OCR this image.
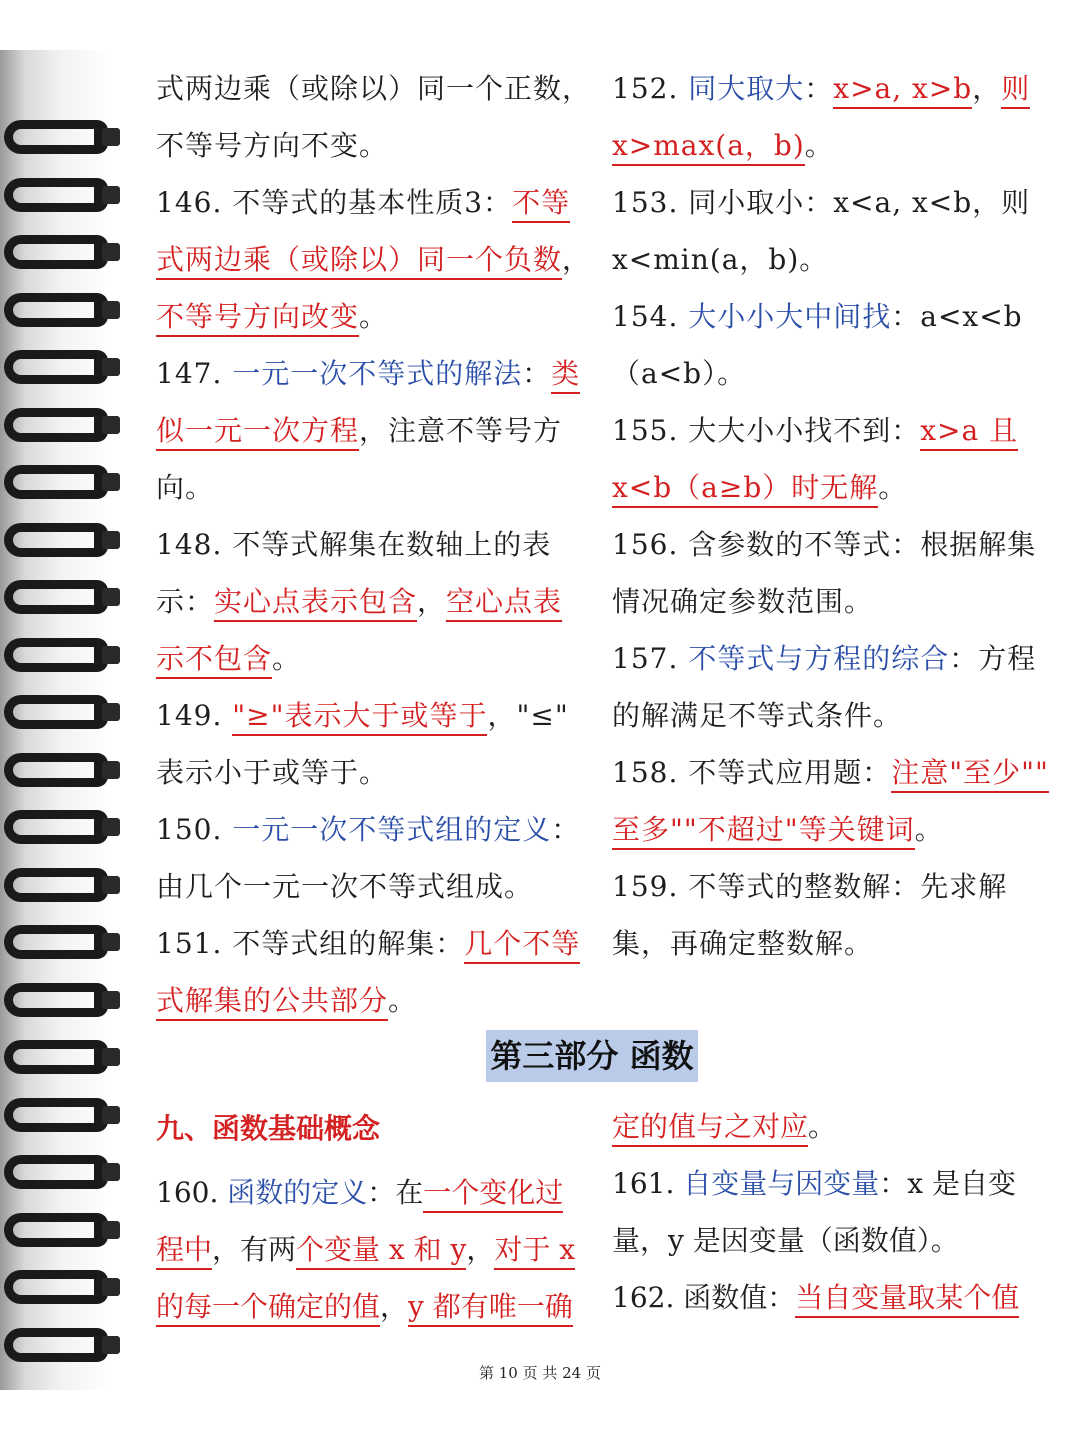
式两边乘（或除以）同一个正数，
不等号方向不变。
146. 不等式的基本性质3：不等
式两边乘（或除以）同一个负数，
不等号方向改变。
147. 一元一次不等式的解法：类
似一元一次方程，注意不等号方
向。
148. 不等式解集在数轴上的表
示：实心点表示包含，空心点表
示不包含。
149. "≥"表示大于或等于，"≤"
表示小于或等于。
150. 一元一次不等式组的定义：
由几个一元一次不等式组成。
151. 不等式组的解集：几个不等
式解集的公共部分。
152. 同大取大：x>a, x>b，则
x>max(a，b)。
153. 同小取小：x<a, x<b，则
x<min(a，b)。
154. 大小小大中间找：a<x<b
（a<b）。
155. 大大小小找不到：x>a 且
x<b（a≥b）时无解。
156. 含参数的不等式：根据解集
情况确定参数范围。
157. 不等式与方程的综合：方程
的解满足不等式条件。
158. 不等式应用题：注意"至少""
至多""不超过"等关键词。
159. 不等式的整数解：先求解
集，再确定整数解。
第三部分 函数
九、函数基础概念
160. 函数的定义：在一个变化过
程中，有两个变量 x 和 y，对于 x
的每一个确定的值，y 都有唯一确
定的值与之对应。
161. 自变量与因变量：x 是自变
量，y 是因变量（函数值）。
162. 函数值：当自变量取某个值
第 10 页 共 24 页
